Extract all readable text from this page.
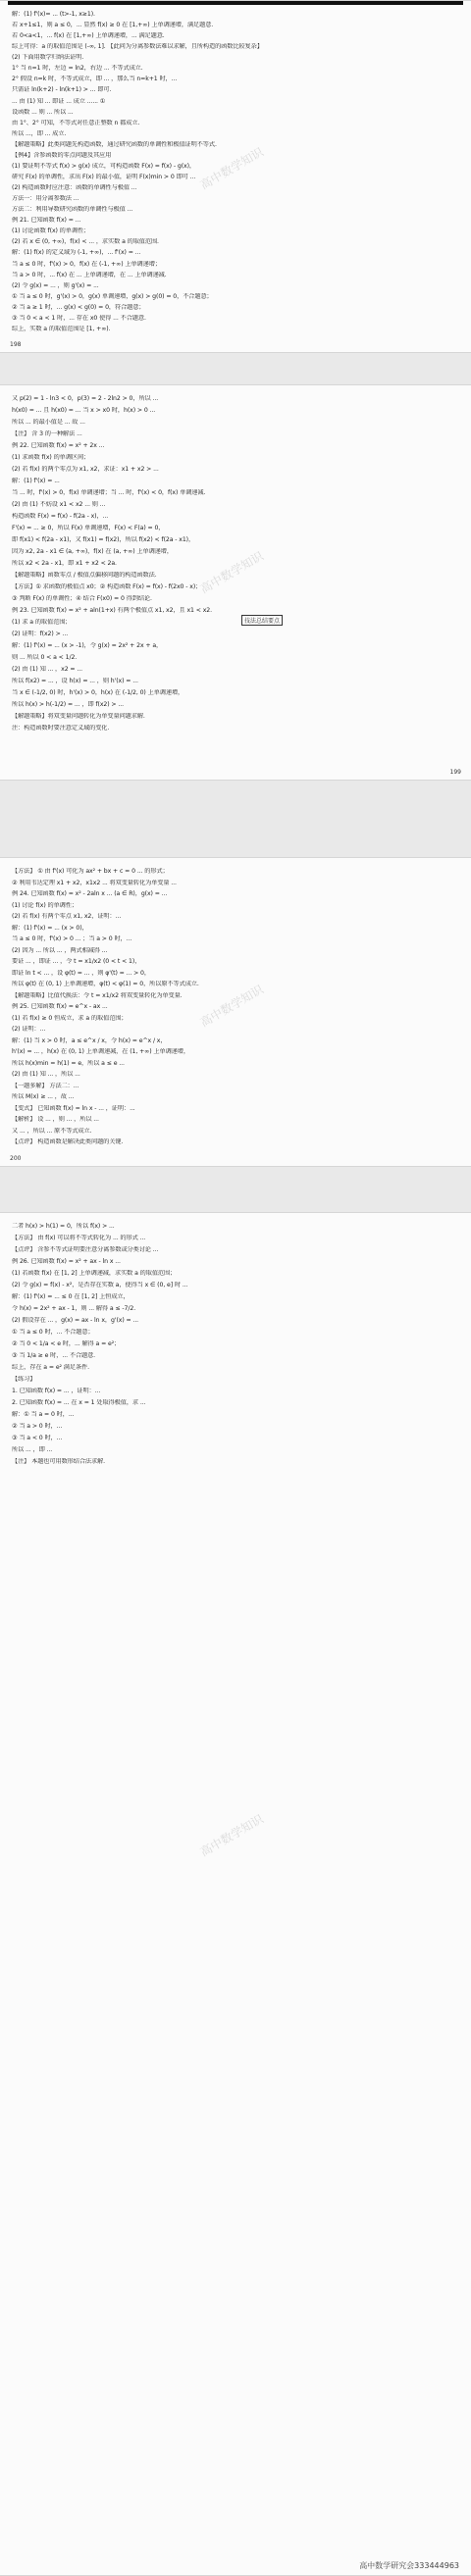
解：(1) f'(x)= ... (t>-1, x≥1).
若 x+1≤1，则 a ≤ 0，... 显然 f(x) ≥ 0 在 [1,+∞) 上单调递增，满足题意.
若 0<a<1，... f(x) 在 [1,+∞) 上单调递增，... 满足题意.
综上可得：a 的取值范围是 (-∞, 1]. 【此问为分离参数法难以求解，且所构造的函数比较复杂】
(2) 下面用数学归纳法证明.
1° 当 n=1 时，左边 = ln2，右边 ... 不等式成立.
2° 假设 n=k 时，不等式成立，即 ... ，那么当 n=k+1 时，...
只需证 ln(k+2) - ln(k+1) > ... 即可.
... 由 (1) 知 ... 即证 ... 成立 ...... ①
设函数 ... 则 ... 所以 ...
由 1°、2° 可知，不等式对任意正整数 n 都成立.
所以 ...，即 ... 成立.
【解题策略】此类问题先构造函数，通过研究函数的单调性和极值证明不等式.
【例4】含参函数的零点问题及其应用
(1) 要证明不等式 f(x) > g(x) 成立，可构造函数 F(x) = f(x) - g(x)，
研究 F(x) 的单调性，求出 F(x) 的最小值，证明 F(x)min > 0 即可 ...
(2) 构造函数时应注意：函数的单调性与极值 ...
方法一：用分离参数法 ...
方法二：利用导数研究函数的单调性与极值 ...
例 21. 已知函数 f(x) = ...
(1) 讨论函数 f(x) 的单调性；
(2) 若 x ∈ (0, +∞)，f(x) < ... ，求实数 a 的取值范围.
解：(1) f(x) 的定义域为 (-1, +∞)，... f'(x) = ...
当 a ≤ 0 时，f'(x) > 0，f(x) 在 (-1, +∞) 上单调递增；
当 a > 0 时，... f(x) 在 ... 上单调递增，在 ... 上单调递减.
(2) 令 g(x) = ... ，则 g'(x) = ...
① 当 a ≤ 0 时，g'(x) > 0，g(x) 单调递增，g(x) > g(0) = 0，不合题意；
② 当 a ≥ 1 时，... g(x) < g(0) = 0，符合题意；
③ 当 0 < a < 1 时，... 存在 x0 使得 ... 不合题意.
综上，实数 a 的取值范围是 [1, +∞).
高中数学知识
198
又 p(2) = 1 - ln3 < 0，p(3) = 2 - 2ln2 > 0，所以 ...
h(x0) = ... 且 h(x0) = ... 当 x > x0 时，h(x) > 0 ...
所以 ... 的最小值是 ... 故 ...
【注】 含 3 的一种解法 ...
例 22. 已知函数 f(x) = x² + 2x ...
(1) 求函数 f(x) 的单调区间；
(2) 若 f(x) 的两个零点为 x1, x2，求证：x1 + x2 > ...
解：(1) f'(x) = ...
当 ... 时，f'(x) > 0，f(x) 单调递增；当 ... 时，f'(x) < 0，f(x) 单调递减.
(2) 由 (1) 不妨设 x1 < x2 ... 则 ...
构造函数 F(x) = f(x) - f(2a - x)，...
F'(x) = ... ≥ 0，所以 F(x) 单调递增，F(x) < F(a) = 0，
即 f(x1) < f(2a - x1)，又 f(x1) = f(x2)，所以 f(x2) < f(2a - x1)，
因为 x2, 2a - x1 ∈ (a, +∞)，f(x) 在 (a, +∞) 上单调递增，
所以 x2 < 2a - x1，即 x1 + x2 < 2a.
【解题策略】函数零点 / 极值点偏移问题的构造函数法.
【方法】① 求函数的极值点 x0；② 构造函数 F(x) = f(x) - f(2x0 - x)；
③ 判断 F(x) 的单调性；④ 结合 F(x0) = 0 得到结论.
例 23. 已知函数 f(x) = x² + aln(1+x) 有两个极值点 x1, x2，且 x1 < x2.
(1) 求 a 的取值范围；
(2) 证明：f(x2) > ...
解：(1) f'(x) = ... (x > -1)，令 g(x) = 2x² + 2x + a，
则 ... 所以 0 < a < 1/2.
(2) 由 (1) 知 ... ，x2 = ...
所以 f(x2) = ... ，设 h(x) = ... ，则 h'(x) = ...
当 x ∈ (-1/2, 0) 时，h'(x) > 0，h(x) 在 (-1/2, 0) 上单调递增，
所以 h(x) > h(-1/2) = ... ，即 f(x2) > ...
【解题策略】将双变量问题转化为单变量问题求解.
注：构造函数时要注意定义域的变化.
技法总结要点
高中数学知识
199
【方法】 ① 由 f'(x) 可化为 ax² + bx + c = 0 ... 的形式；
② 利用韦达定理 x1 + x2，x1x2 ... 将双变量转化为单变量 ...
例 24. 已知函数 f(x) = x² - 2aln x ... (a ∈ R)，g(x) = ...
(1) 讨论 f(x) 的单调性；
(2) 若 f(x) 有两个零点 x1, x2，证明：...
解：(1) f'(x) = ... (x > 0)，
当 a ≤ 0 时，f'(x) > 0 ... ；当 a > 0 时，...
(2) 因为 ... 所以 ... ，两式相减得 ...
要证 ... ，即证 ... ，令 t = x1/x2 (0 < t < 1)，
即证 ln t < ... ，设 φ(t) = ... ，则 φ'(t) = ... > 0，
所以 φ(t) 在 (0, 1) 上单调递增，φ(t) < φ(1) = 0，所以原不等式成立.
【解题策略】比值代换法：令 t = x1/x2 将双变量转化为单变量.
例 25. 已知函数 f(x) = e^x - ax ...
(1) 若 f(x) ≥ 0 恒成立，求 a 的取值范围；
(2) 证明：...
解：(1) 当 x > 0 时，a ≤ e^x / x，令 h(x) = e^x / x，
h'(x) = ... ，h(x) 在 (0, 1) 上单调递减，在 (1, +∞) 上单调递增，
所以 h(x)min = h(1) = e，所以 a ≤ e ...
(2) 由 (1) 知 ... ，所以 ...
【一题多解】 方法二：...
所以 M(x) ≥ ... ，故 ...
【变式】 已知函数 f(x) = ln x - ... ，证明：...
【解析】 设 ... ，则 ... ，所以 ...
又 ... ，所以 ... 原不等式成立.
【点评】 构造函数是解决此类问题的关键.
高中数学知识
200
二者 h(x) > h(1) = 0，所以 f(x) > ...
【方法】 由 f(x) 可以将不等式转化为 ... 的形式 ...
【点评】 含参不等式证明要注意分离参数或分类讨论 ...
例 26. 已知函数 f(x) = x² + ax - ln x ...
(1) 若函数 f(x) 在 [1, 2] 上单调递减，求实数 a 的取值范围；
(2) 令 g(x) = f(x) - x²，是否存在实数 a，使得当 x ∈ (0, e] 时 ...
解：(1) f'(x) = ... ≤ 0 在 [1, 2] 上恒成立，
令 h(x) = 2x² + ax - 1，则 ... 解得 a ≤ -7/2.
(2) 假设存在 ... ，g(x) = ax - ln x，g'(x) = ...
① 当 a ≤ 0 时，... 不合题意；
② 当 0 < 1/a < e 时，... 解得 a = e²；
③ 当 1/a ≥ e 时，... 不合题意.
综上，存在 a = e² 满足条件.
【练习】
1. 已知函数 f(x) = ... ，证明：...
2. 已知函数 f(x) = ... 在 x = 1 处取得极值，求 ...
解：① 当 a = 0 时，...
② 当 a > 0 时，...
③ 当 a < 0 时，...
所以 ... ，即 ...
【注】 本题也可用数形结合法求解.
高中数学知识
高中数学研究会333444963
